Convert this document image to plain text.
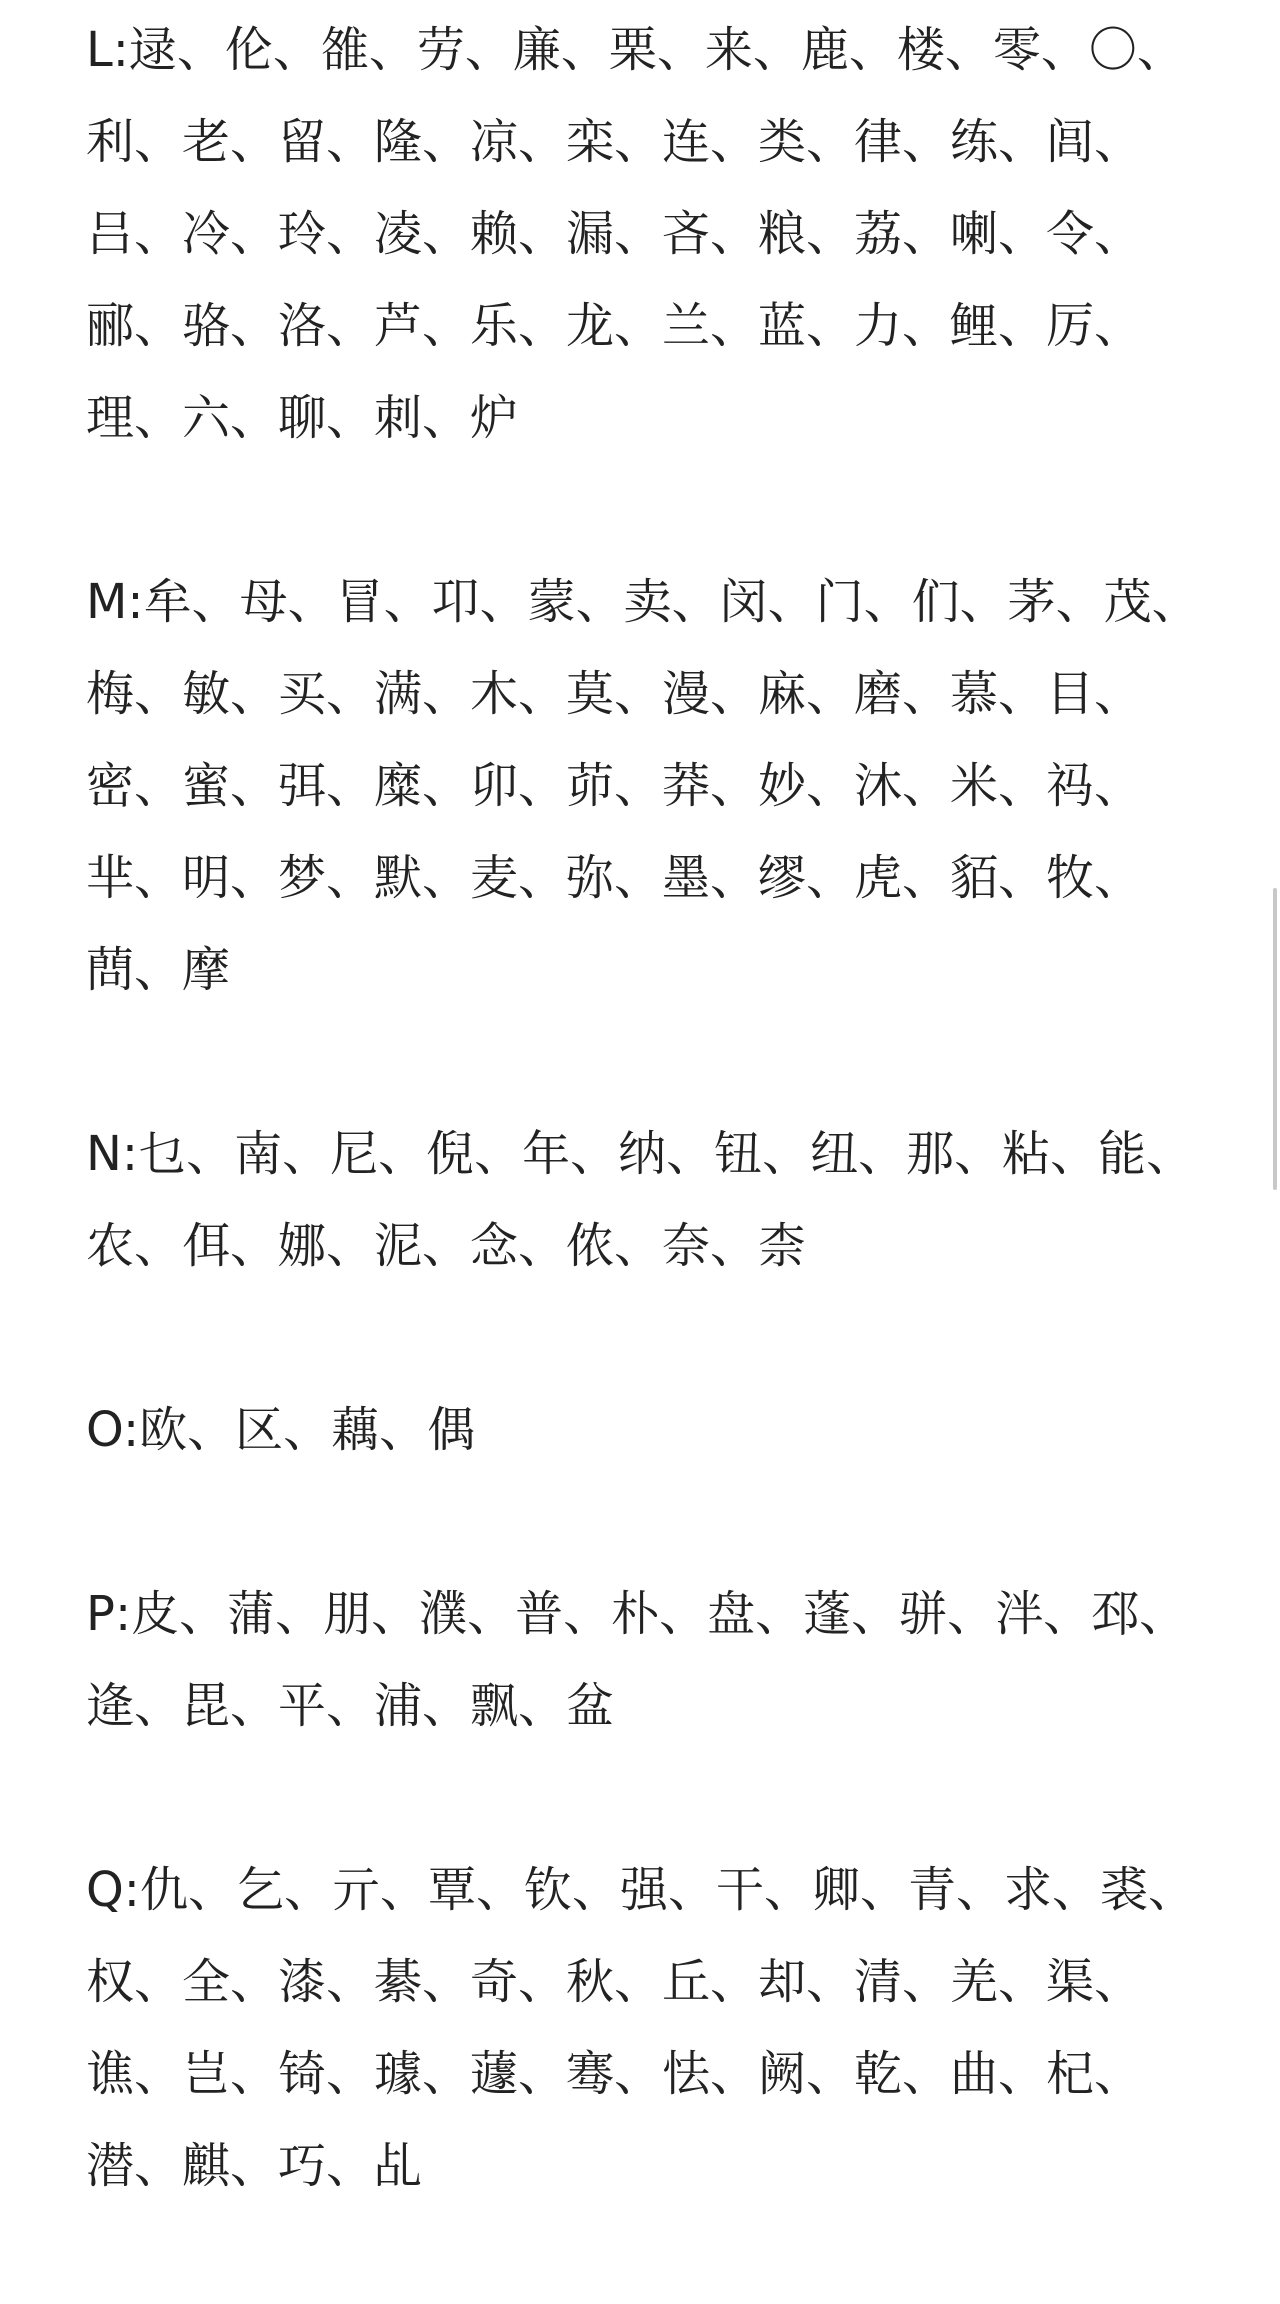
L:逯、伦、雒、劳、廉、栗、来、鹿、楼、零、〇、利、老、留、隆、凉、栾、连、类、律、练、闾、吕、冷、玲、凌、赖、漏、吝、粮、荔、喇、令、郦、骆、洛、芦、乐、龙、兰、蓝、力、鲤、厉、理、六、聊、刺、炉

M:牟、母、冒、卭、蒙、卖、闵、门、们、茅、茂、梅、敏、买、满、木、莫、漫、麻、磨、慕、目、密、蜜、弭、糜、卯、茆、莽、妙、沐、米、祃、芈、明、梦、默、麦、弥、墨、缪、虎、貊、牧、蔄、摩

N:乜、南、尼、倪、年、纳、钮、纽、那、粘、能、农、佴、娜、泥、念、侬、奈、柰

O:欧、区、藕、偶

P:皮、蒲、朋、濮、普、朴、盘、蓬、骈、泮、邳、逄、毘、平、浦、飘、盆

Q:仇、乞、亓、覃、钦、强、干、卿、青、求、裘、权、全、漆、綦、奇、秋、丘、却、清、羌、渠、谯、岂、锜、璩、蘧、骞、怯、阙、乾、曲、杞、潜、麒、巧、乩
